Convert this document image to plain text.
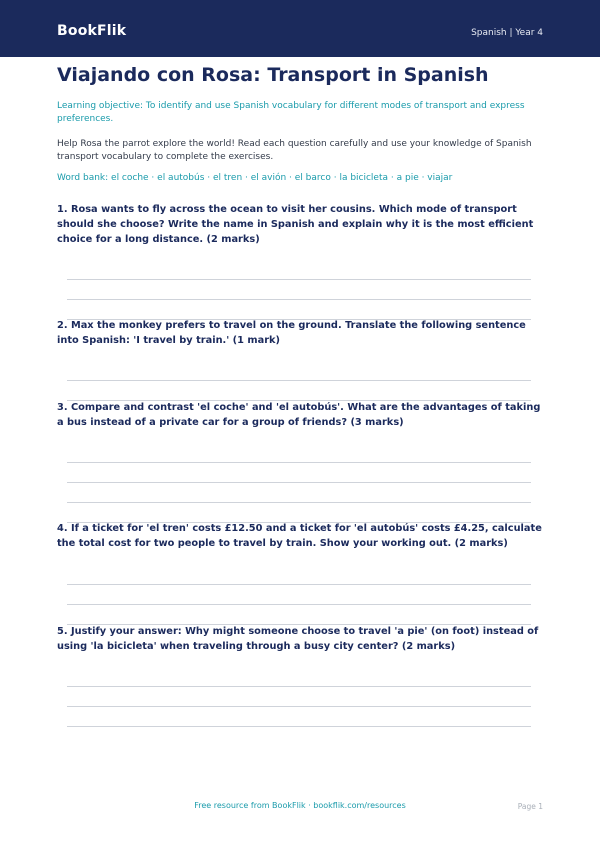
BookFlik	Spanish | Year 4
Viajando con Rosa: Transport in Spanish
Learning objective: To identify and use Spanish vocabulary for different modes of transport and express preferences.
Help Rosa the parrot explore the world! Read each question carefully and use your knowledge of Spanish transport vocabulary to complete the exercises.
Word bank: el coche · el autobús · el tren · el avión · el barco · la bicicleta · a pie · viajar
1. Rosa wants to fly across the ocean to visit her cousins. Which mode of transport should she choose? Write the name in Spanish and explain why it is the most efficient choice for a long distance. (2 marks)
2. Max the monkey prefers to travel on the ground. Translate the following sentence into Spanish: 'I travel by train.' (1 mark)
3. Compare and contrast 'el coche' and 'el autobús'. What are the advantages of taking a bus instead of a private car for a group of friends? (3 marks)
4. If a ticket for 'el tren' costs £12.50 and a ticket for 'el autobús' costs £4.25, calculate the total cost for two people to travel by train. Show your working out. (2 marks)
5. Justify your answer: Why might someone choose to travel 'a pie' (on foot) instead of using 'la bicicleta' when traveling through a busy city center? (2 marks)
Free resource from BookFlik · bookflik.com/resources	Page 1
